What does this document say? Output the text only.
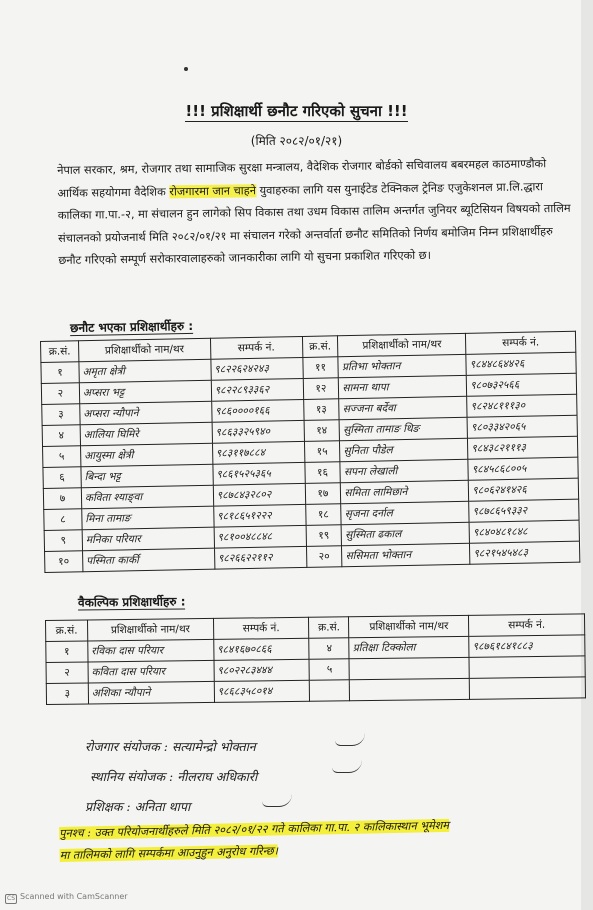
!!! प्रशिक्षार्थी छनौट गरिएको सुचना !!!
(मिति २०८२/०१/२१)
नेपाल सरकार, श्रम, रोजगार तथा सामाजिक सुरक्षा मन्त्रालय, वैदेशिक रोजगार बोर्डको सचिवालय बबरमहल काठमाण्डौको आर्थिक सहयोगमा वैदेशिक रोजगारमा जान चाहने युवाहरुका लागि यस युनाईटेड टेक्निकल ट्रेनिङ एजुकेशनल प्रा.लि.द्धारा कालिका गा.पा.-२, मा संचालन हुन लागेको सिप विकास तथा उधम विकास तालिम अन्तर्गत जुनियर ब्यूटिसियन विषयको तालिम संचालनको प्रयोजनार्थ मिति २०८२/०१/२१ मा संचालन गरेको अन्तर्वार्ता छनौट समितिको निर्णय बमोजिम निम्न प्रशिक्षार्थीहरु छनौट गरिएको सम्पूर्ण सरोकारवालाहरुको जानकारीका लागि यो सुचना प्रकाशित गरिएको छ।
छनौट भएका प्रशिक्षार्थीहरु :
क्र.सं.	प्रशिक्षार्थीको नाम/थर	सम्पर्क नं.	क्र.सं.	प्रशिक्षार्थीको नाम/थर	सम्पर्क नं.
१	अमृता क्षेत्री	९८२२६२४२४३	११	प्रतिभा भोक्तान	९८४४८६४४२६
२	अप्सरा भट्ट	९८२२८९३३६२	१२	सामना थापा	९८०७३२५६६
३	अप्सरा न्यौपाने	९८६००००१६६	१३	सज्जना बर्देवा	९८२४८१११३०
४	आलिया घिमिरे	९८६३३२५९४०	१४	सुस्मिता तामाङ थिङ	९८०३३४२०६५
५	आयुस्मा क्षेत्री	९८३११७८८४	१५	सुनिता पौडेल	९८४३८२१११३
६	बिन्दा भट्ट	९८६१५२५३६५	१६	सपना लेखाली	९८४५८६८००५
७	कविता श्याङ्वा	९८७८४३२८०२	१७	समिता लामिछाने	९८०६२४१४२६
८	मिना तामाङ	९८१८६५१२२२	१८	सृजना दर्नाल	९८७८६५९३३२
९	मनिका परियार	९८१००४८८४८	१९	सुस्मिता ढकाल	९८४०४८१८४८
१०	पस्मिता कार्की	९८२६६२२११२	२०	ससिमता भोक्तान	९८२१५४५४८३
वैकल्पिक प्रशिक्षार्थीहरु :
क्र.सं.	प्रशिक्षार्थीको नाम/थर	सम्पर्क नं.	क्र.सं.	प्रशिक्षार्थीको नाम/थर	सम्पर्क नं.
१	रविका दास परियार	९८४१६७०८६६	४	प्रतिक्षा टिक्कोला	९८७६१८४१८८३
२	कविता दास परियार	९८०२२८३४४४	५		
३	अशिका न्यौपाने	९८६८३५८०१४			
रोजगार संयोजक : सत्यामेन्द्रो भोक्तान
स्थानिय संयोजक : नीलराघ अधिकारी
प्रशिक्षक : अनिता थापा
पुनश्च : उक्त परियोजनार्थीहरुले मिति २०८२/०१/२२ गते कालिका गा.पा. २ कालिकास्थान भूमेशम
मा तालिमको लागि सम्पर्कमा आउनुहुन अनुरोध गरिन्छ।
CS Scanned with CamScanner
